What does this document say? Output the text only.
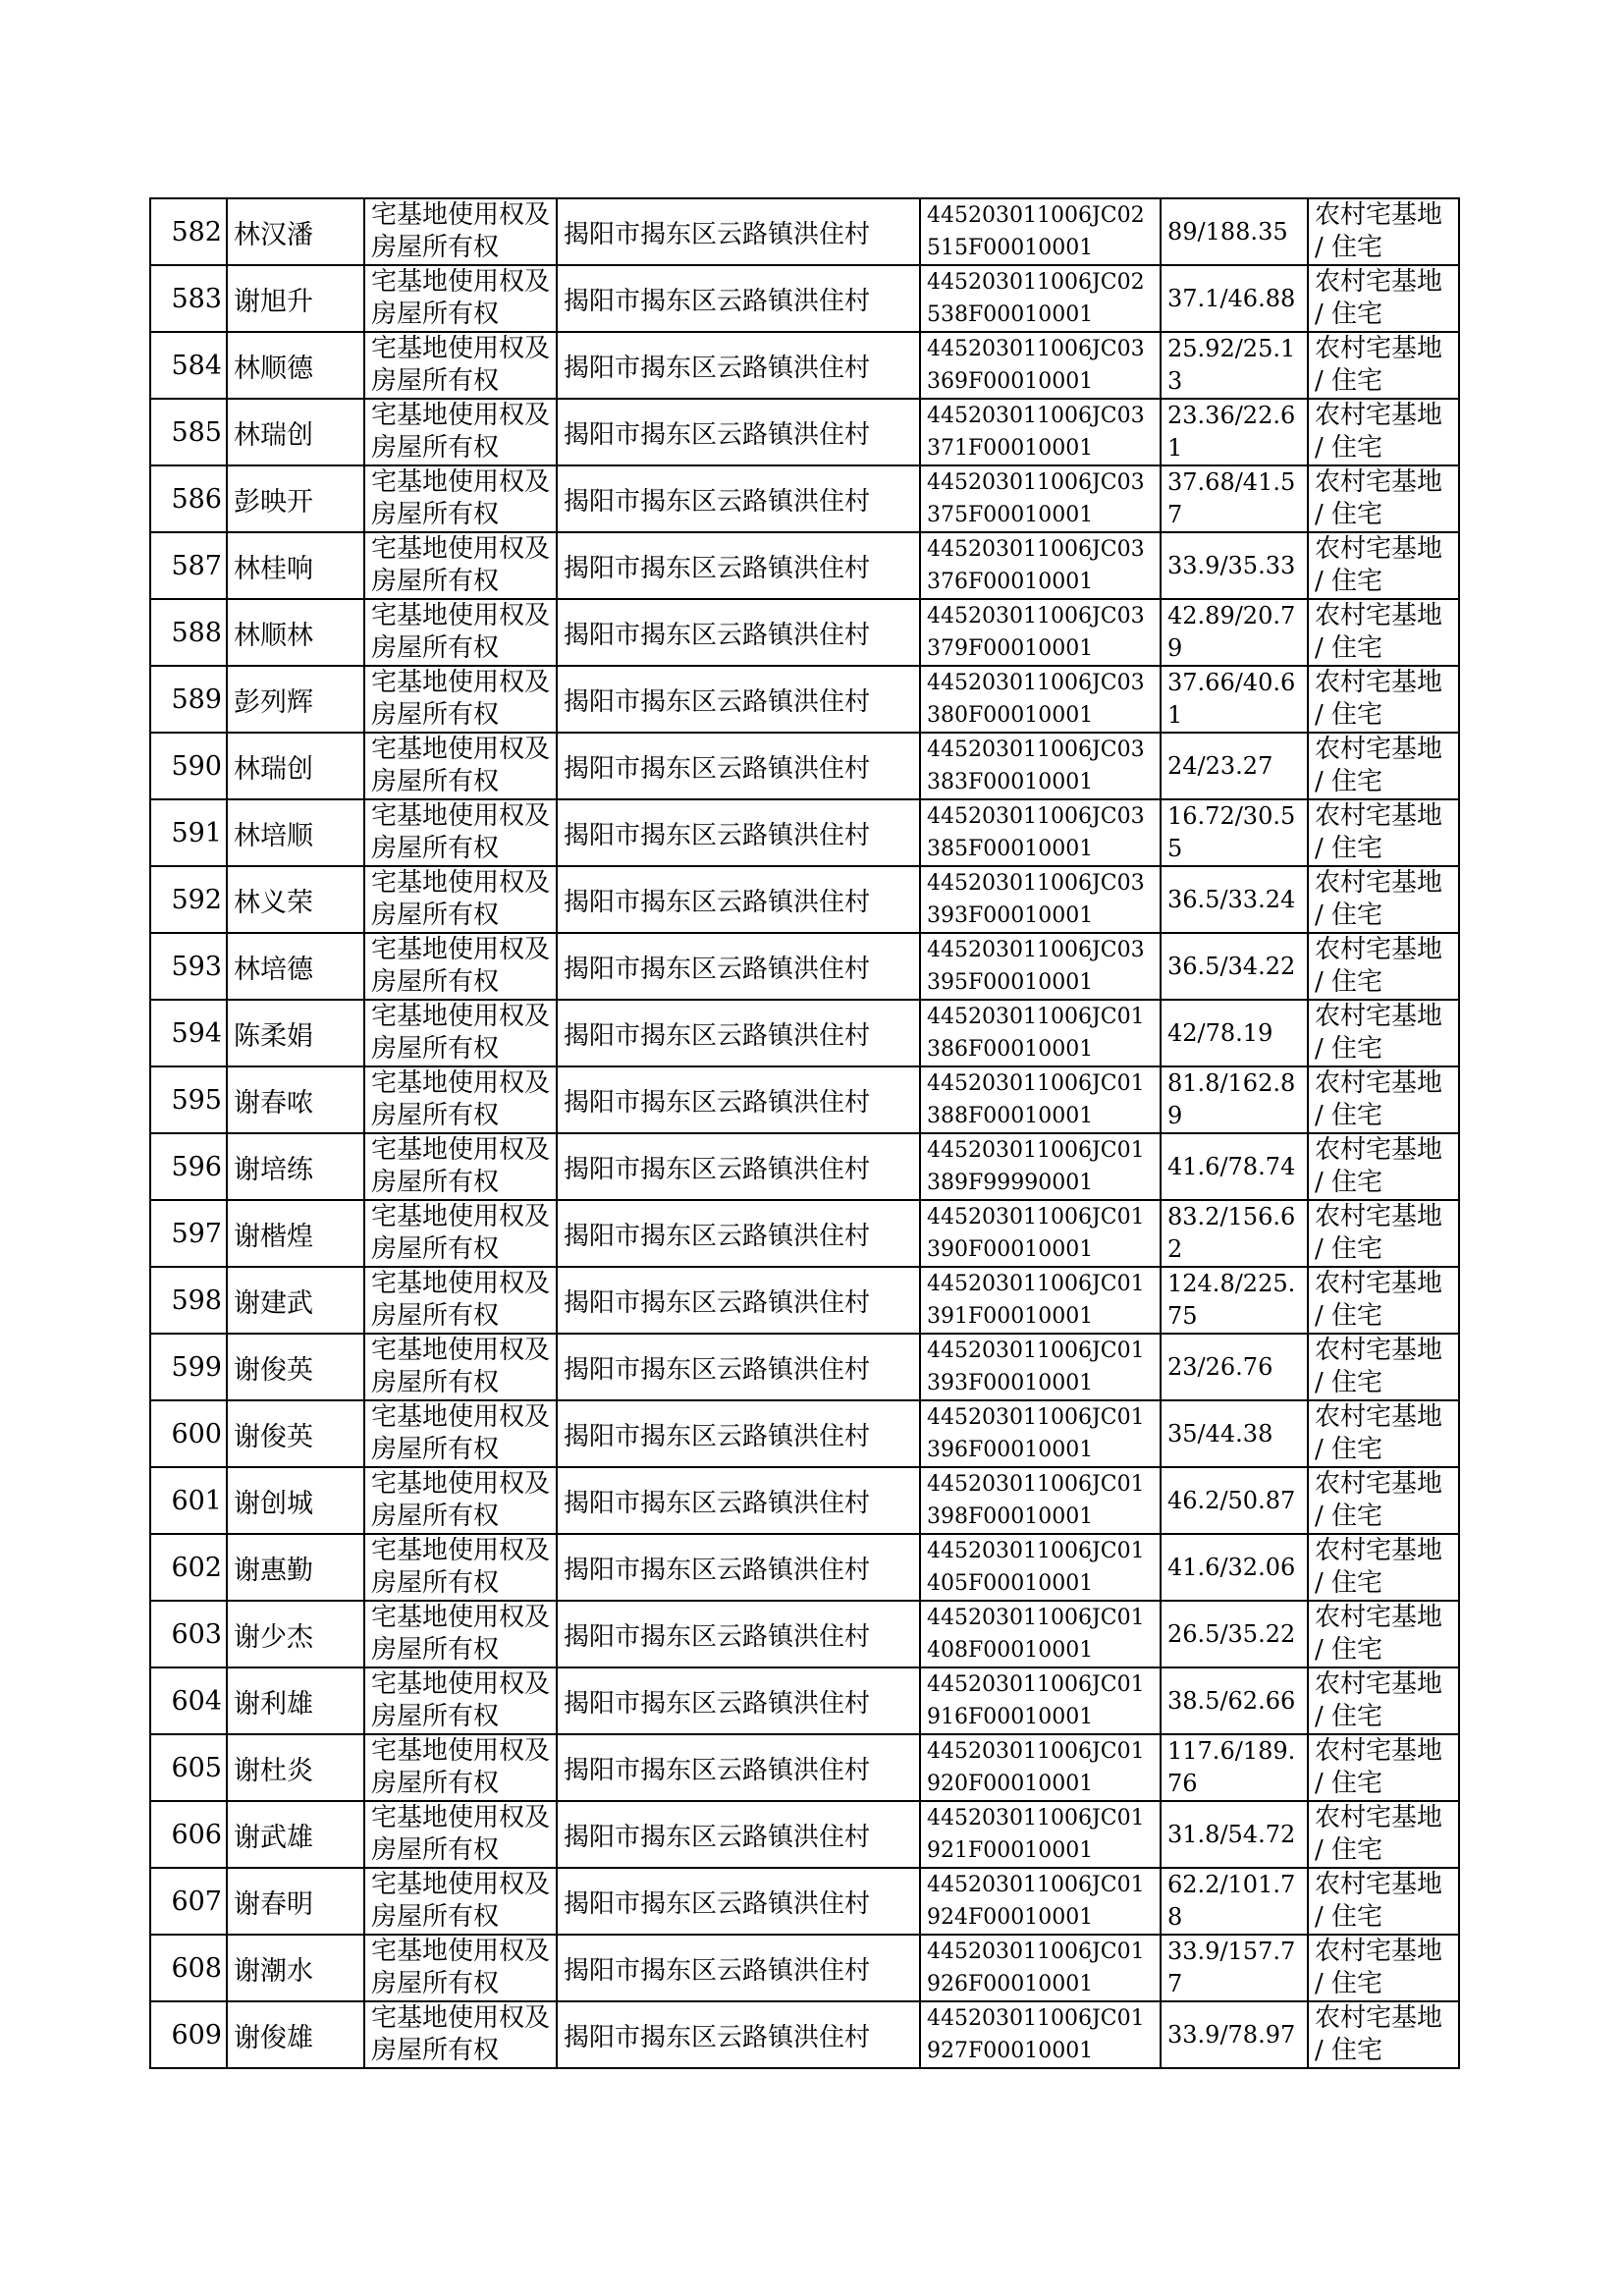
582	林汉潘	宅基地使用权及房屋所有权	揭阳市揭东区云路镇洪住村	445203011006JC02515F00010001	89/188.35	农村宅基地 / 住宅
583	谢旭升	宅基地使用权及房屋所有权	揭阳市揭东区云路镇洪住村	445203011006JC02538F00010001	37.1/46.88	农村宅基地 / 住宅
584	林顺德	宅基地使用权及房屋所有权	揭阳市揭东区云路镇洪住村	445203011006JC03369F00010001	25.92/25.13	农村宅基地 / 住宅
585	林瑞创	宅基地使用权及房屋所有权	揭阳市揭东区云路镇洪住村	445203011006JC03371F00010001	23.36/22.61	农村宅基地 / 住宅
586	彭映开	宅基地使用权及房屋所有权	揭阳市揭东区云路镇洪住村	445203011006JC03375F00010001	37.68/41.57	农村宅基地 / 住宅
587	林桂响	宅基地使用权及房屋所有权	揭阳市揭东区云路镇洪住村	445203011006JC03376F00010001	33.9/35.33	农村宅基地 / 住宅
588	林顺林	宅基地使用权及房屋所有权	揭阳市揭东区云路镇洪住村	445203011006JC03379F00010001	42.89/20.79	农村宅基地 / 住宅
589	彭列辉	宅基地使用权及房屋所有权	揭阳市揭东区云路镇洪住村	445203011006JC03380F00010001	37.66/40.61	农村宅基地 / 住宅
590	林瑞创	宅基地使用权及房屋所有权	揭阳市揭东区云路镇洪住村	445203011006JC03383F00010001	24/23.27	农村宅基地 / 住宅
591	林培顺	宅基地使用权及房屋所有权	揭阳市揭东区云路镇洪住村	445203011006JC03385F00010001	16.72/30.55	农村宅基地 / 住宅
592	林义荣	宅基地使用权及房屋所有权	揭阳市揭东区云路镇洪住村	445203011006JC03393F00010001	36.5/33.24	农村宅基地 / 住宅
593	林培德	宅基地使用权及房屋所有权	揭阳市揭东区云路镇洪住村	445203011006JC03395F00010001	36.5/34.22	农村宅基地 / 住宅
594	陈柔娟	宅基地使用权及房屋所有权	揭阳市揭东区云路镇洪住村	445203011006JC01386F00010001	42/78.19	农村宅基地 / 住宅
595	谢春哝	宅基地使用权及房屋所有权	揭阳市揭东区云路镇洪住村	445203011006JC01388F00010001	81.8/162.89	农村宅基地 / 住宅
596	谢培练	宅基地使用权及房屋所有权	揭阳市揭东区云路镇洪住村	445203011006JC01389F99990001	41.6/78.74	农村宅基地 / 住宅
597	谢楷煌	宅基地使用权及房屋所有权	揭阳市揭东区云路镇洪住村	445203011006JC01390F00010001	83.2/156.62	农村宅基地 / 住宅
598	谢建武	宅基地使用权及房屋所有权	揭阳市揭东区云路镇洪住村	445203011006JC01391F00010001	124.8/225.75	农村宅基地 / 住宅
599	谢俊英	宅基地使用权及房屋所有权	揭阳市揭东区云路镇洪住村	445203011006JC01393F00010001	23/26.76	农村宅基地 / 住宅
600	谢俊英	宅基地使用权及房屋所有权	揭阳市揭东区云路镇洪住村	445203011006JC01396F00010001	35/44.38	农村宅基地 / 住宅
601	谢创城	宅基地使用权及房屋所有权	揭阳市揭东区云路镇洪住村	445203011006JC01398F00010001	46.2/50.87	农村宅基地 / 住宅
602	谢惠勤	宅基地使用权及房屋所有权	揭阳市揭东区云路镇洪住村	445203011006JC01405F00010001	41.6/32.06	农村宅基地 / 住宅
603	谢少杰	宅基地使用权及房屋所有权	揭阳市揭东区云路镇洪住村	445203011006JC01408F00010001	26.5/35.22	农村宅基地 / 住宅
604	谢利雄	宅基地使用权及房屋所有权	揭阳市揭东区云路镇洪住村	445203011006JC01916F00010001	38.5/62.66	农村宅基地 / 住宅
605	谢杜炎	宅基地使用权及房屋所有权	揭阳市揭东区云路镇洪住村	445203011006JC01920F00010001	117.6/189.76	农村宅基地 / 住宅
606	谢武雄	宅基地使用权及房屋所有权	揭阳市揭东区云路镇洪住村	445203011006JC01921F00010001	31.8/54.72	农村宅基地 / 住宅
607	谢春明	宅基地使用权及房屋所有权	揭阳市揭东区云路镇洪住村	445203011006JC01924F00010001	62.2/101.78	农村宅基地 / 住宅
608	谢潮水	宅基地使用权及房屋所有权	揭阳市揭东区云路镇洪住村	445203011006JC01926F00010001	33.9/157.77	农村宅基地 / 住宅
609	谢俊雄	宅基地使用权及房屋所有权	揭阳市揭东区云路镇洪住村	445203011006JC01927F00010001	33.9/78.97	农村宅基地 / 住宅
